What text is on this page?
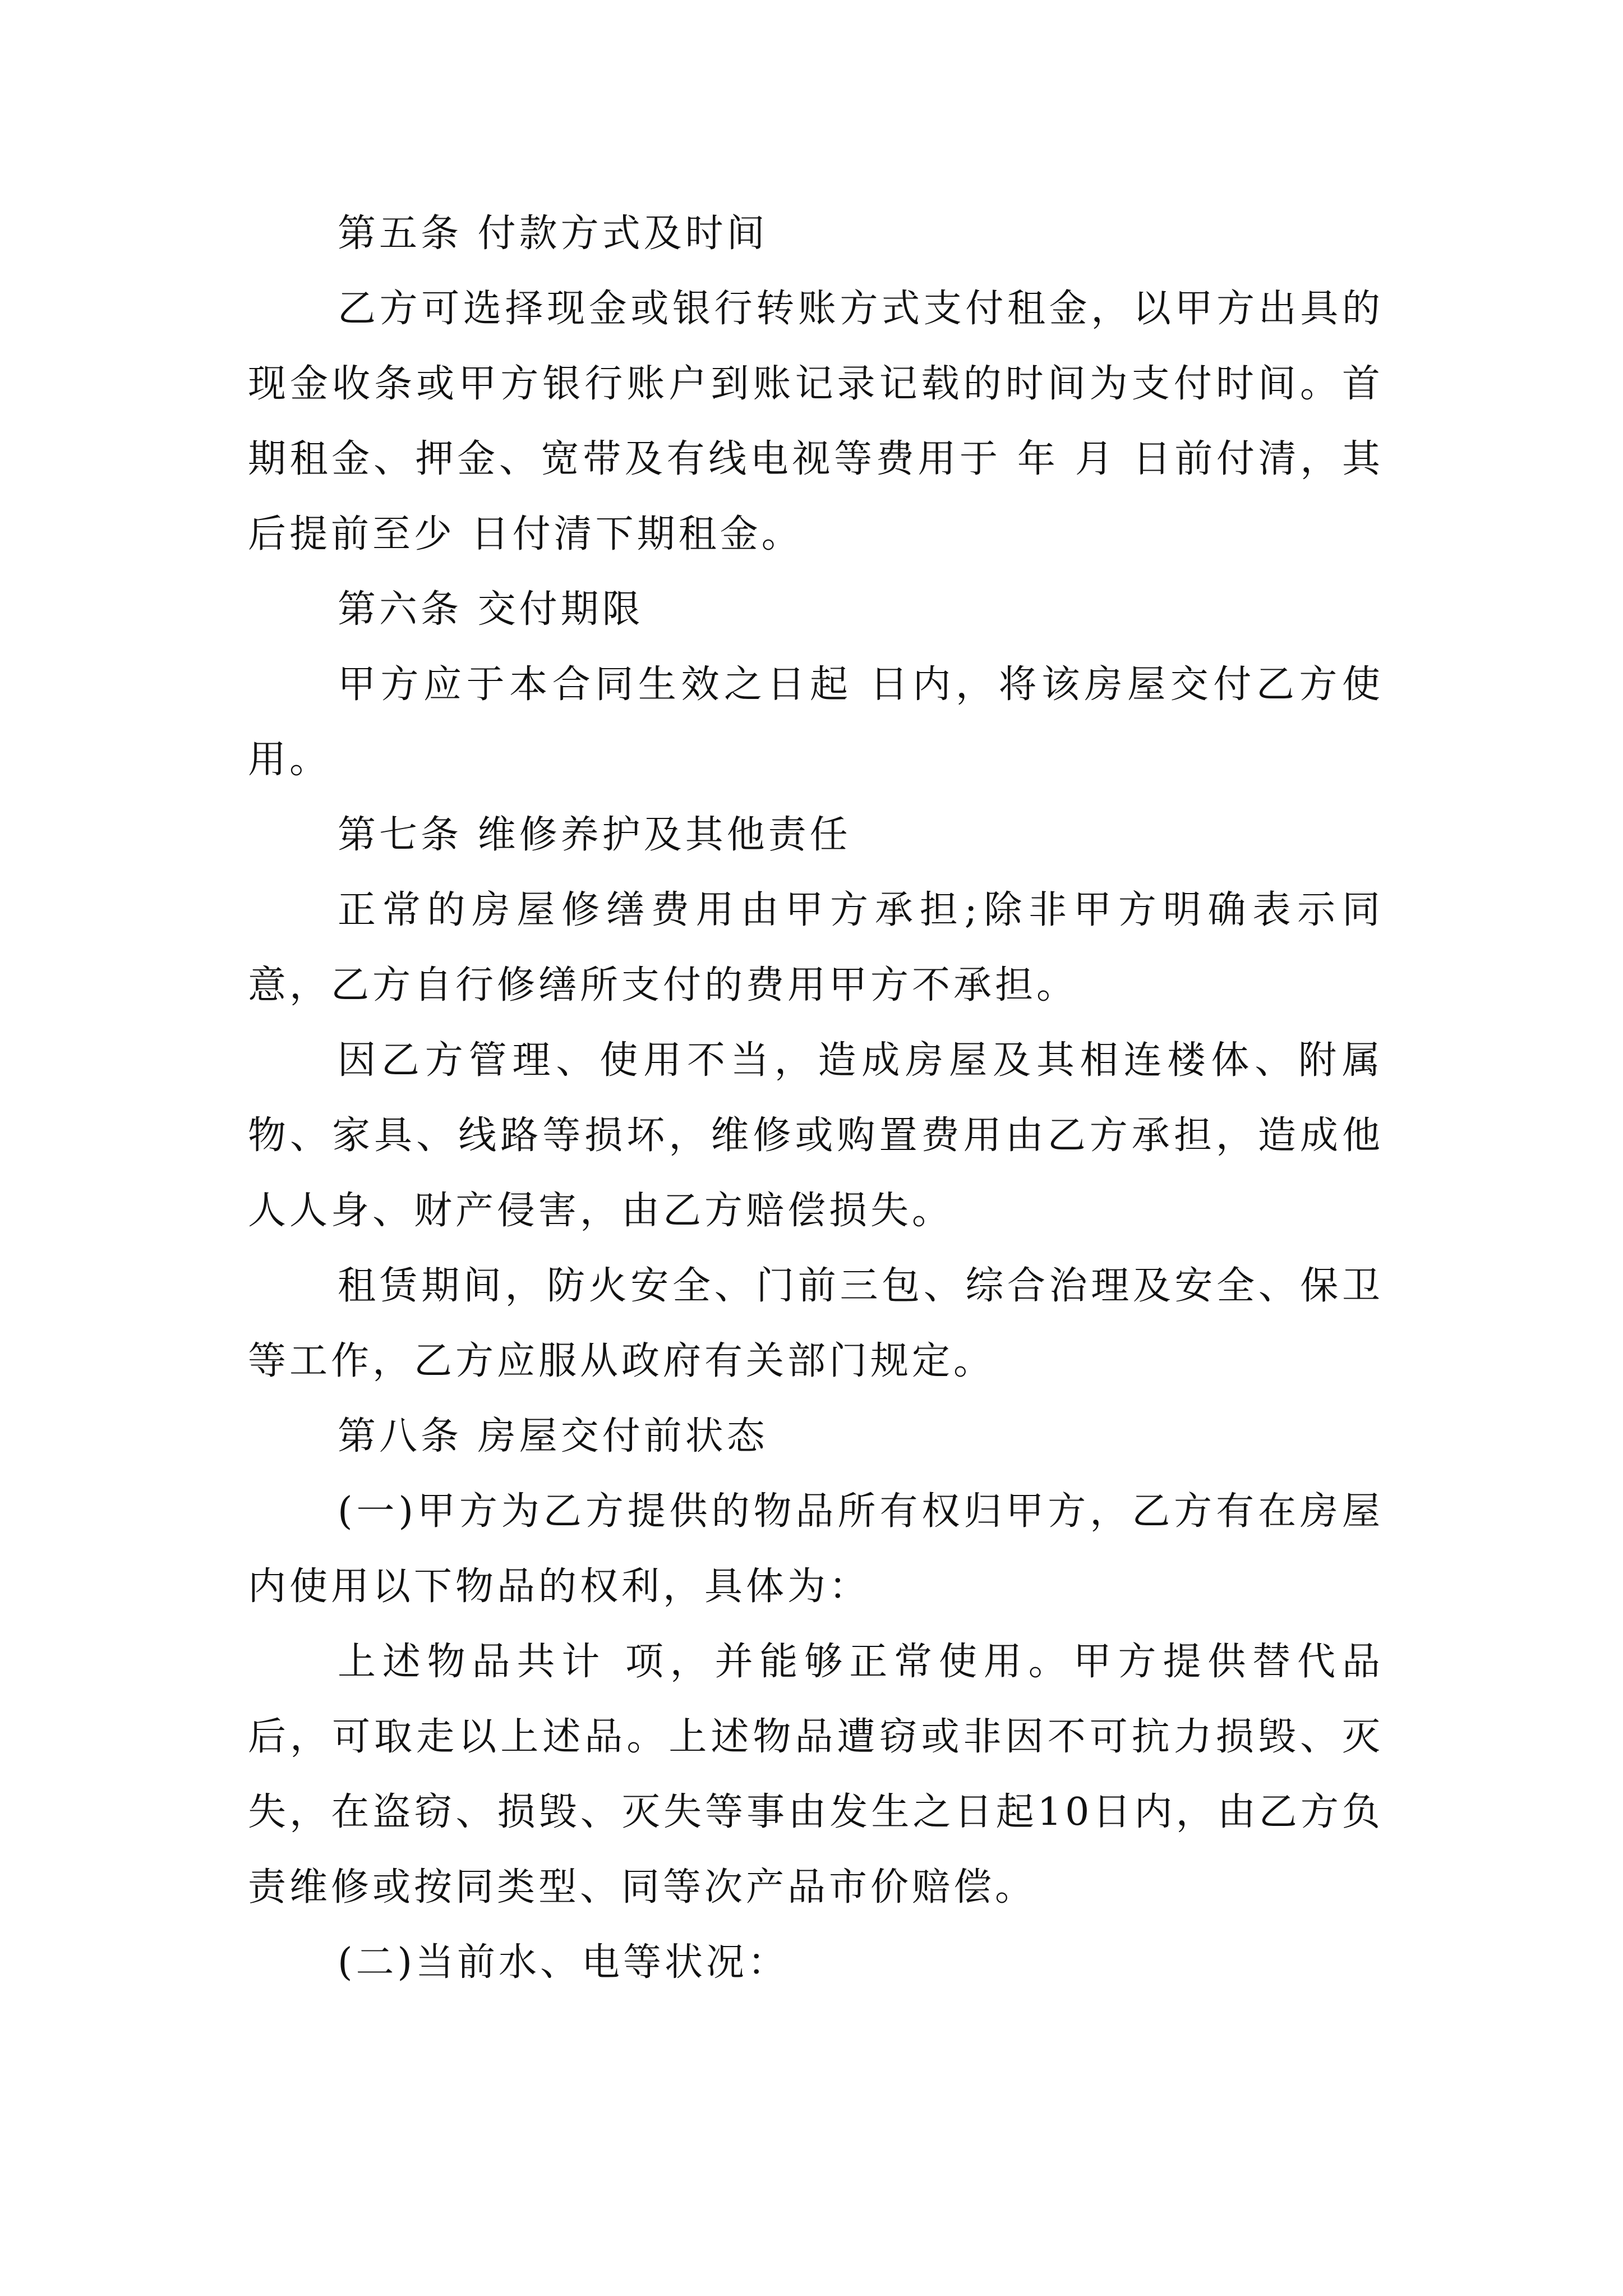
第五条 付款方式及时间

乙方可选择现金或银行转账方式支付租金，以甲方出具的现金收条或甲方银行账户到账记录记载的时间为支付时间。首期租金、押金、宽带及有线电视等费用于 年 月 日前付清，其后提前至少 日付清下期租金。

第六条 交付期限

甲方应于本合同生效之日起 日内，将该房屋交付乙方使用。

第七条 维修养护及其他责任

正常的房屋修缮费用由甲方承担;除非甲方明确表示同意，乙方自行修缮所支付的费用甲方不承担。

因乙方管理、使用不当，造成房屋及其相连楼体、附属物、家具、线路等损坏，维修或购置费用由乙方承担，造成他人人身、财产侵害，由乙方赔偿损失。

租赁期间，防火安全、门前三包、综合治理及安全、保卫等工作，乙方应服从政府有关部门规定。

第八条 房屋交付前状态

(一)甲方为乙方提供的物品所有权归甲方，乙方有在房屋内使用以下物品的权利，具体为：

上述物品共计 项，并能够正常使用。甲方提供替代品后，可取走以上述品。上述物品遭窃或非因不可抗力损毁、灭失，在盗窃、损毁、灭失等事由发生之日起10日内，由乙方负责维修或按同类型、同等次产品市价赔偿。

(二)当前水、电等状况：
